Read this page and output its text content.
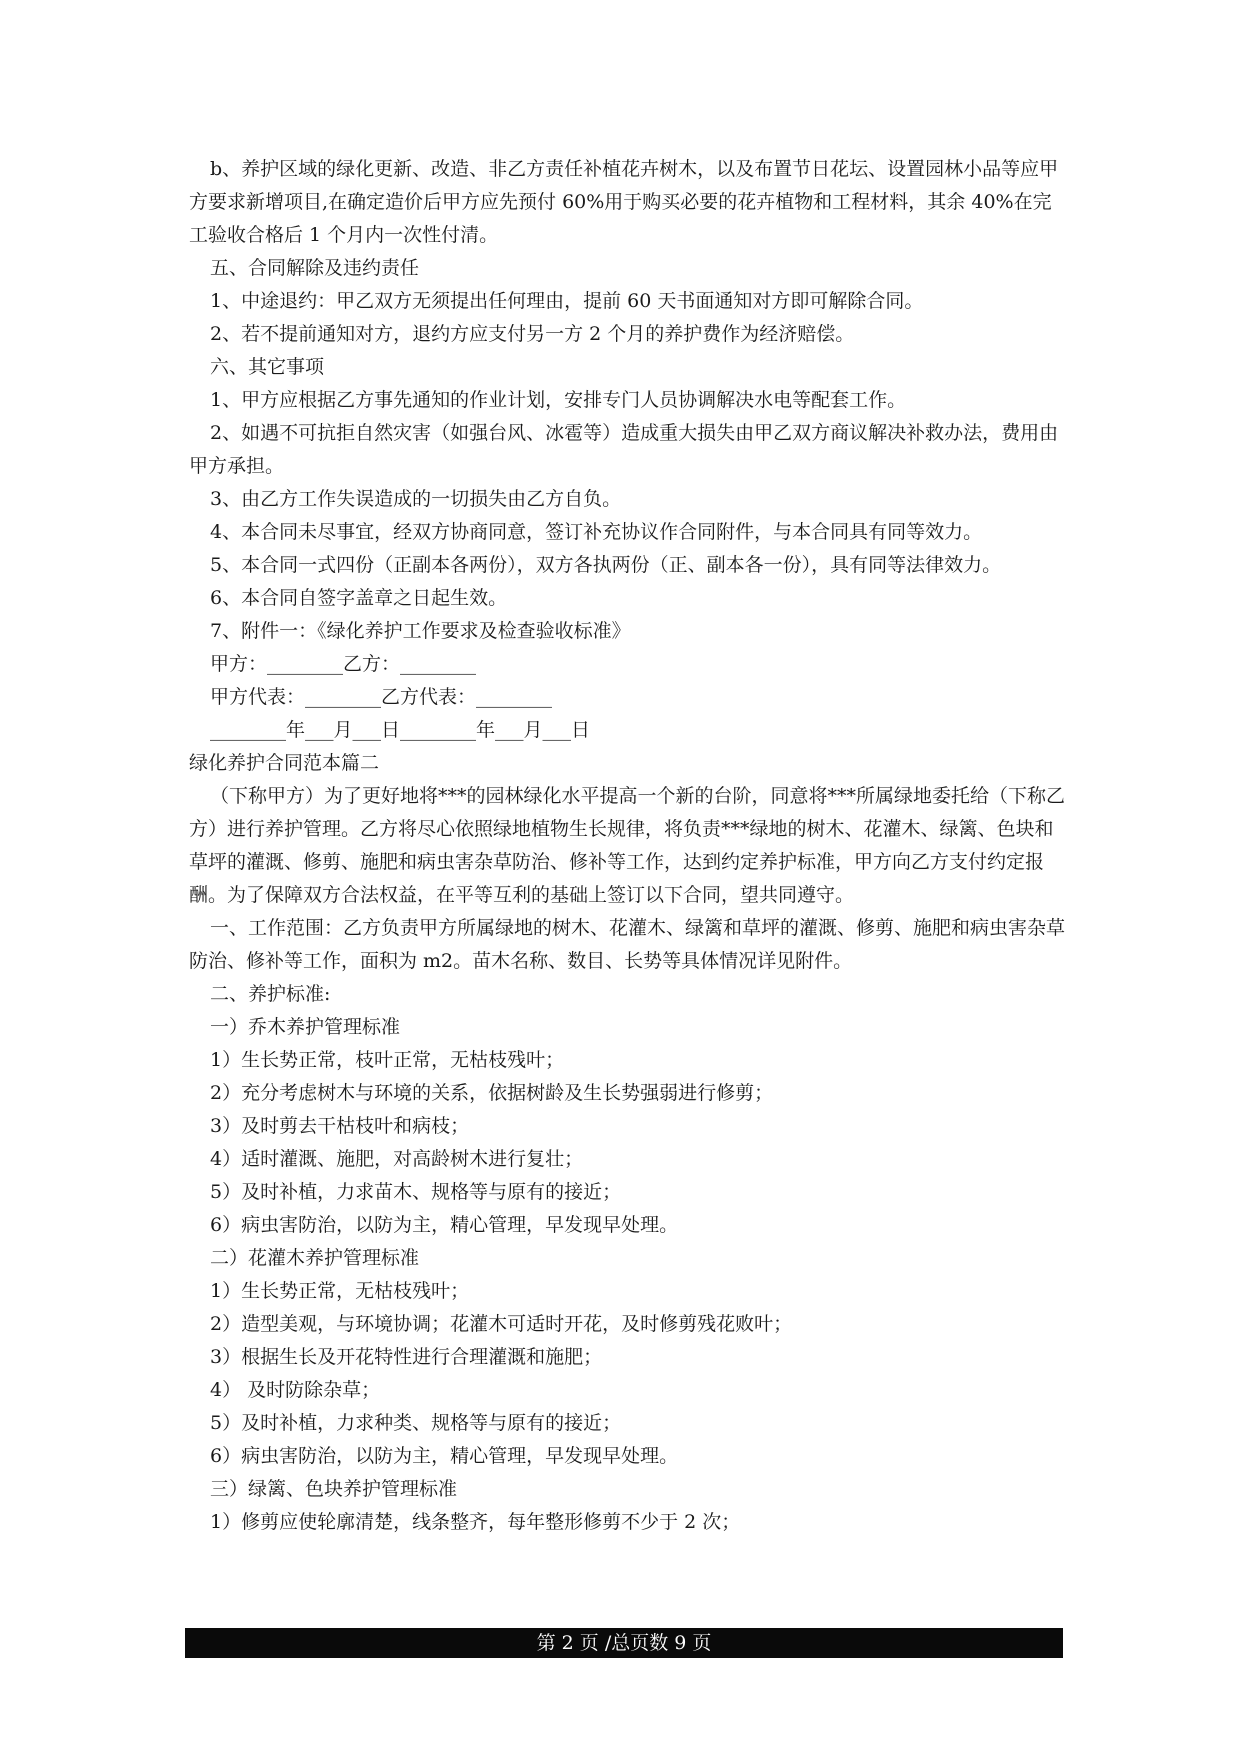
b、养护区域的绿化更新、改造、非乙方责任补植花卉树木，以及布置节日花坛、设置园林小品等应甲方要求新增项目,在确定造价后甲方应先预付 60%用于购买必要的花卉植物和工程材料，其余 40%在完工验收合格后 1 个月内一次性付清。

五、合同解除及违约责任

1、中途退约：甲乙双方无须提出任何理由，提前 60 天书面通知对方即可解除合同。

2、若不提前通知对方，退约方应支付另一方 2 个月的养护费作为经济赔偿。

六、其它事项

1、甲方应根据乙方事先通知的作业计划，安排专门人员协调解决水电等配套工作。

2、如遇不可抗拒自然灾害（如强台风、冰雹等）造成重大损失由甲乙双方商议解决补救办法，费用由甲方承担。

3、由乙方工作失误造成的一切损失由乙方自负。

4、本合同未尽事宜，经双方协商同意，签订补充协议作合同附件，与本合同具有同等效力。

5、本合同一式四份（正副本各两份），双方各执两份（正、副本各一份），具有同等法律效力。

6、本合同自签字盖章之日起生效。

7、附件一：《绿化养护工作要求及检查验收标准》

甲方：________乙方：________

甲方代表：________乙方代表：________

________年___月___日________年___月___日

绿化养护合同范本篇二

（下称甲方）为了更好地将***的园林绿化水平提高一个新的台阶，同意将***所属绿地委托给（下称乙方）进行养护管理。乙方将尽心依照绿地植物生长规律，将负责***绿地的树木、花灌木、绿篱、色块和草坪的灌溉、修剪、施肥和病虫害杂草防治、修补等工作，达到约定养护标准，甲方向乙方支付约定报酬。为了保障双方合法权益，在平等互利的基础上签订以下合同，望共同遵守。

一、工作范围：乙方负责甲方所属绿地的树木、花灌木、绿篱和草坪的灌溉、修剪、施肥和病虫害杂草防治、修补等工作，面积为 m2。苗木名称、数目、长势等具体情况详见附件。

二、养护标准:

一）乔木养护管理标准

1）生长势正常，枝叶正常，无枯枝残叶；

2）充分考虑树木与环境的关系，依据树龄及生长势强弱进行修剪；

3）及时剪去干枯枝叶和病枝；

4）适时灌溉、施肥，对高龄树木进行复壮；

5）及时补植，力求苗木、规格等与原有的接近；

6）病虫害防治，以防为主，精心管理，早发现早处理。

二）花灌木养护管理标准

1）生长势正常，无枯枝残叶；

2）造型美观，与环境协调；花灌木可适时开花，及时修剪残花败叶；

3）根据生长及开花特性进行合理灌溉和施肥；

4） 及时防除杂草；

5）及时补植，力求种类、规格等与原有的接近；

6）病虫害防治，以防为主，精心管理，早发现早处理。

三）绿篱、色块养护管理标准

1）修剪应使轮廓清楚，线条整齐，每年整形修剪不少于 2 次；

第 2 页 /总页数 9 页
